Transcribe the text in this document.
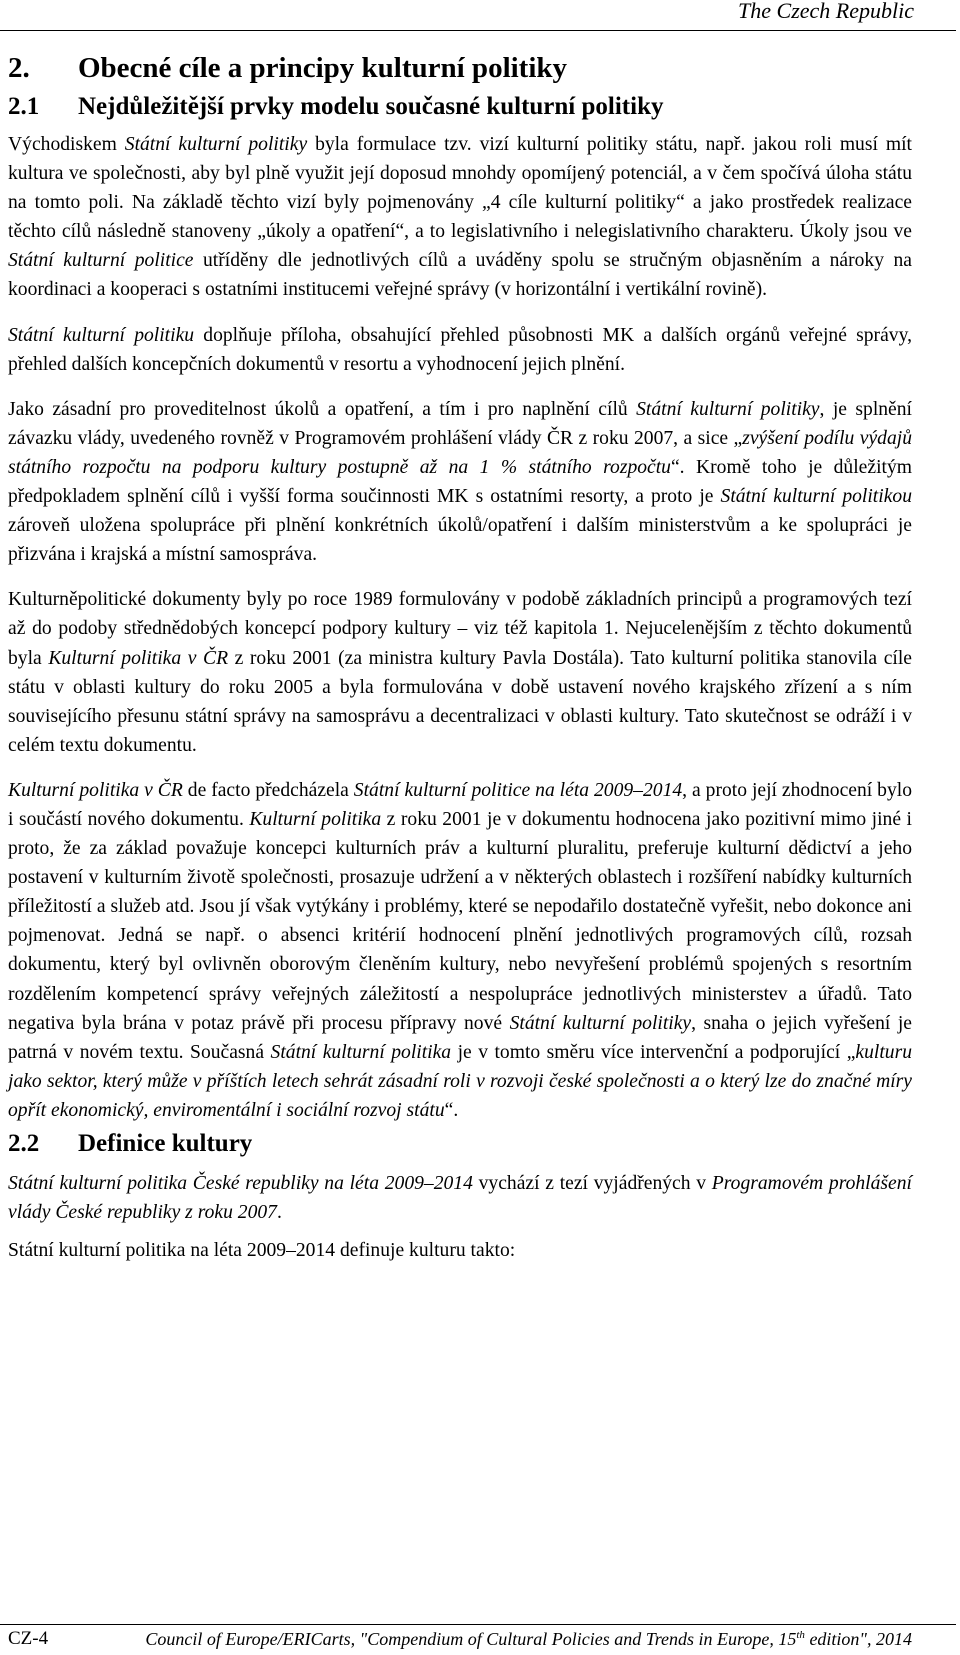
The Czech Republic
2.	Obecné cíle a principy kulturní politiky
2.1	Nejdůležitější prvky modelu současné kulturní politiky

Východiskem Státní kulturní politiky byla formulace tzv. vizí kulturní politiky státu, např. jakou roli musí mít kultura ve společnosti, aby byl plně využit její doposud mnohdy opomíjený potenciál, a v čem spočívá úloha státu na tomto poli. Na základě těchto vizí byly pojmenovány „4 cíle kulturní politiky“ a jako prostředek realizace těchto cílů následně stanoveny „úkoly a opatření“, a to legislativního i nelegislativního charakteru. Úkoly jsou ve Státní kulturní politice utříděny dle jednotlivých cílů a uváděny spolu se stručným objasněním a nároky na koordinaci a kooperaci s ostatními institucemi veřejné správy (v horizontální i vertikální rovině).

Státní kulturní politiku doplňuje příloha, obsahující přehled působnosti MK a dalších orgánů veřejné správy, přehled dalších koncepčních dokumentů v resortu a vyhodnocení jejich plnění.

Jako zásadní pro proveditelnost úkolů a opatření, a tím i pro naplnění cílů Státní kulturní politiky, je splnění závazku vlády, uvedeného rovněž v Programovém prohlášení vlády ČR z roku 2007, a sice „zvýšení podílu výdajů státního rozpočtu na podporu kultury postupně až na 1 % státního rozpočtu“. Kromě toho je důležitým předpokladem splnění cílů i vyšší forma součinnosti MK s ostatními resorty, a proto je Státní kulturní politikou zároveň uložena spolupráce při plnění konkrétních úkolů/opatření i dalším ministerstvům a ke spolupráci je přizvána i krajská a místní samospráva.

Kulturněpolitické dokumenty byly po roce 1989 formulovány v podobě základních principů a programových tezí až do podoby střednědobých koncepcí podpory kultury – viz též kapitola 1. Nejucelenějším z těchto dokumentů byla Kulturní politika v ČR z roku 2001 (za ministra kultury Pavla Dostála). Tato kulturní politika stanovila cíle státu v oblasti kultury do roku 2005 a byla formulována v době ustavení nového krajského zřízení a s ním souvisejícího přesunu státní správy na samosprávu a decentralizaci v oblasti kultury. Tato skutečnost se odráží i v celém textu dokumentu.

Kulturní politika v ČR de facto předcházela Státní kulturní politice na léta 2009–2014, a proto její zhodnocení bylo i součástí nového dokumentu. Kulturní politika z roku 2001 je v dokumentu hodnocena jako pozitivní mimo jiné i proto, že za základ považuje koncepci kulturních práv a kulturní pluralitu, preferuje kulturní dědictví a jeho postavení v kulturním životě společnosti, prosazuje udržení a v některých oblastech i rozšíření nabídky kulturních příležitostí a služeb atd. Jsou jí však vytýkány i problémy, které se nepodařilo dostatečně vyřešit, nebo dokonce ani pojmenovat. Jedná se např. o absenci kritérií hodnocení plnění jednotlivých programových cílů, rozsah dokumentu, který byl ovlivněn oborovým členěním kultury, nebo nevyřešení problémů spojených s resortním rozdělením kompetencí správy veřejných záležitostí a nespolupráce jednotlivých ministerstev a úřadů. Tato negativa byla brána v potaz právě při procesu přípravy nové Státní kulturní politiky, snaha o jejich vyřešení je patrná v novém textu. Současná Státní kulturní politika je v tomto směru více intervenční a podporující „kulturu jako sektor, který může v příštích letech sehrát zásadní roli v rozvoji české společnosti a o který lze do značné míry opřít ekonomický, enviromentální i sociální rozvoj státu“.

2.2	Definice kultury

Státní kulturní politika České republiky na léta 2009–2014 vychází z tezí vyjádřených v Programovém prohlášení vlády České republiky z roku 2007.

Státní kulturní politika na léta 2009–2014 definuje kulturu takto:

CZ-4	Council of Europe/ERICarts, "Compendium of Cultural Policies and Trends in Europe, 15th edition", 2014
